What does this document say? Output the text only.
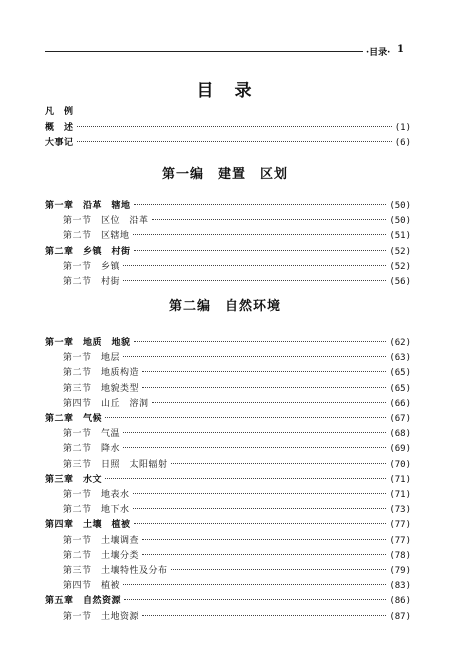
·目录· 1
目　录
凡　例
概　述	(1)
大事记	(6)
第一编　建置　区划
第一章　沿革　辖地	(50)
第一节　区位　沿革	(50)
第二节　区辖地	(51)
第二章　乡镇　村街	(52)
第一节　乡镇	(52)
第二节　村街	(56)
第二编　自然环境
第一章　地质　地貌	(62)
第一节　地层	(63)
第二节　地质构造	(65)
第三节　地貌类型	(65)
第四节　山丘　溶洞	(66)
第二章　气候	(67)
第一节　气温	(68)
第二节　降水	(69)
第三节　日照　太阳辐射	(70)
第三章　水文	(71)
第一节　地表水	(71)
第二节　地下水	(73)
第四章　土壤　植被	(77)
第一节　土壤调查	(77)
第二节　土壤分类	(78)
第三节　土壤特性及分布	(79)
第四节　植被	(83)
第五章　自然资源	(86)
第一节　土地资源	(87)
